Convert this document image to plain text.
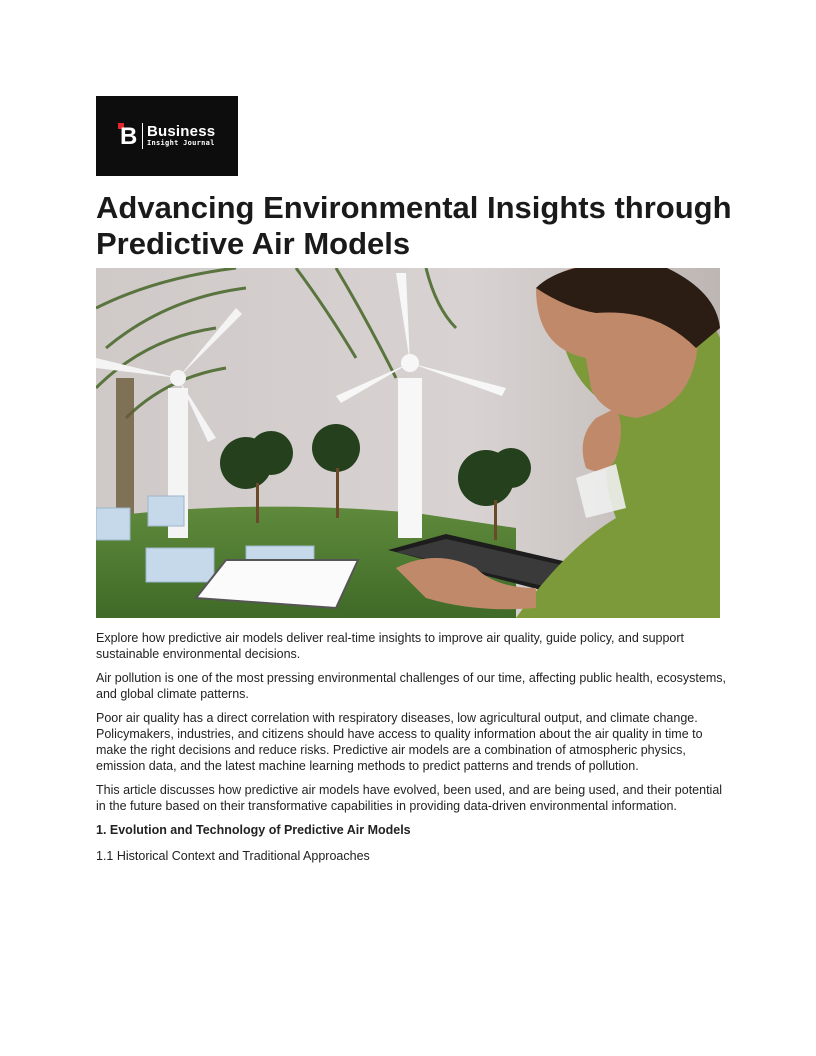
B Business
Insight Journal
Advancing Environmental Insights through Predictive Air Models

Explore how predictive air models deliver real-time insights to improve air quality, guide policy, and support sustainable environmental decisions.

Air pollution is one of the most pressing environmental challenges of our time, affecting public health, ecosystems, and global climate patterns.

Poor air quality has a direct correlation with respiratory diseases, low agricultural output, and climate change. Policymakers, industries, and citizens should have access to quality information about the air quality in time to make the right decisions and reduce risks. Predictive air models are a combination of atmospheric physics, emission data, and the latest machine learning methods to predict patterns and trends of pollution.

This article discusses how predictive air models have evolved, been used, and are being used, and their potential in the future based on their transformative capabilities in providing data-driven environmental information.

1. Evolution and Technology of Predictive Air Models

1.1 Historical Context and Traditional Approaches
